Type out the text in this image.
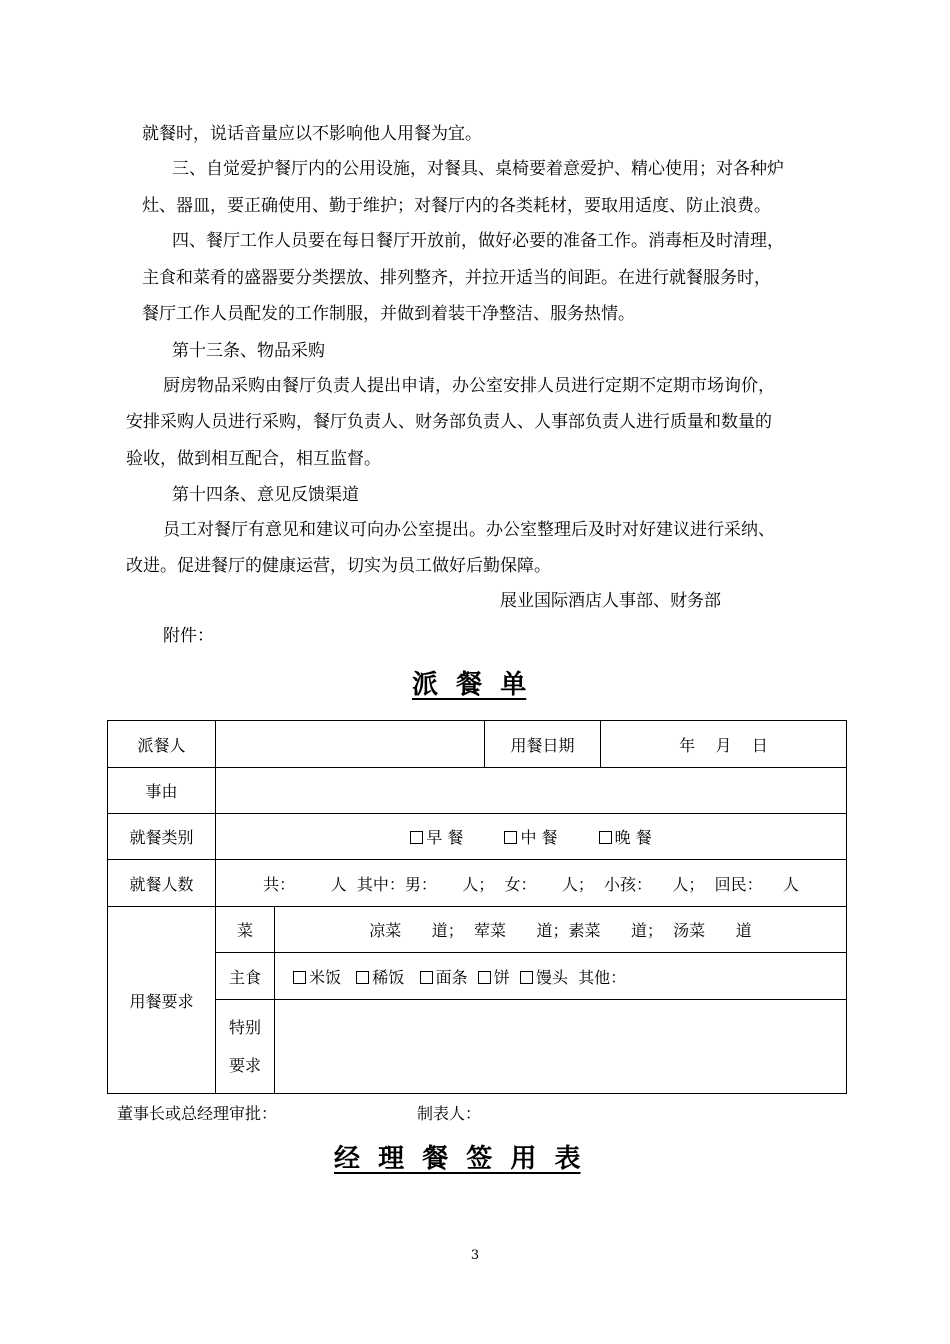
就餐时，说话音量应以不影响他人用餐为宜。
三、自觉爱护餐厅内的公用设施，对餐具、桌椅要着意爱护、精心使用；对各种炉
灶、器皿，要正确使用、勤于维护；对餐厅内的各类耗材，要取用适度、防止浪费。
四、餐厅工作人员要在每日餐厅开放前，做好必要的准备工作。消毒柜及时清理，
主食和菜肴的盛器要分类摆放、排列整齐，并拉开适当的间距。在进行就餐服务时，
餐厅工作人员配发的工作制服，并做到着装干净整洁、服务热情。
第十三条、物品采购
厨房物品采购由餐厅负责人提出申请，办公室安排人员进行定期不定期市场询价，
安排采购人员进行采购，餐厅负责人、财务部负责人、人事部负责人进行质量和数量的
验收，做到相互配合，相互监督。
第十四条、意见反馈渠道
员工对餐厅有意见和建议可向办公室提出。办公室整理后及时对好建议进行采纳、
改进。促进餐厅的健康运营，切实为员工做好后勤保障。
展业国际酒店人事部、财务部
附件：
派  餐  单
派餐人			用餐日期	年    月    日
事由				
就餐类别	早 餐 中 餐 晚 餐			
就餐人数	共：       人  其中：男：     人；  女：     人；  小孩：    人；  回民：    人			
用餐要求	菜	凉菜      道；  荤菜      道；素菜      道；  汤菜      道		
	主食	米饭 稀饭 面条 饼 馒头 其他：		
	特别
要求			
董事长或总经理审批：	制表人：
经  理  餐  签  用  表
3
